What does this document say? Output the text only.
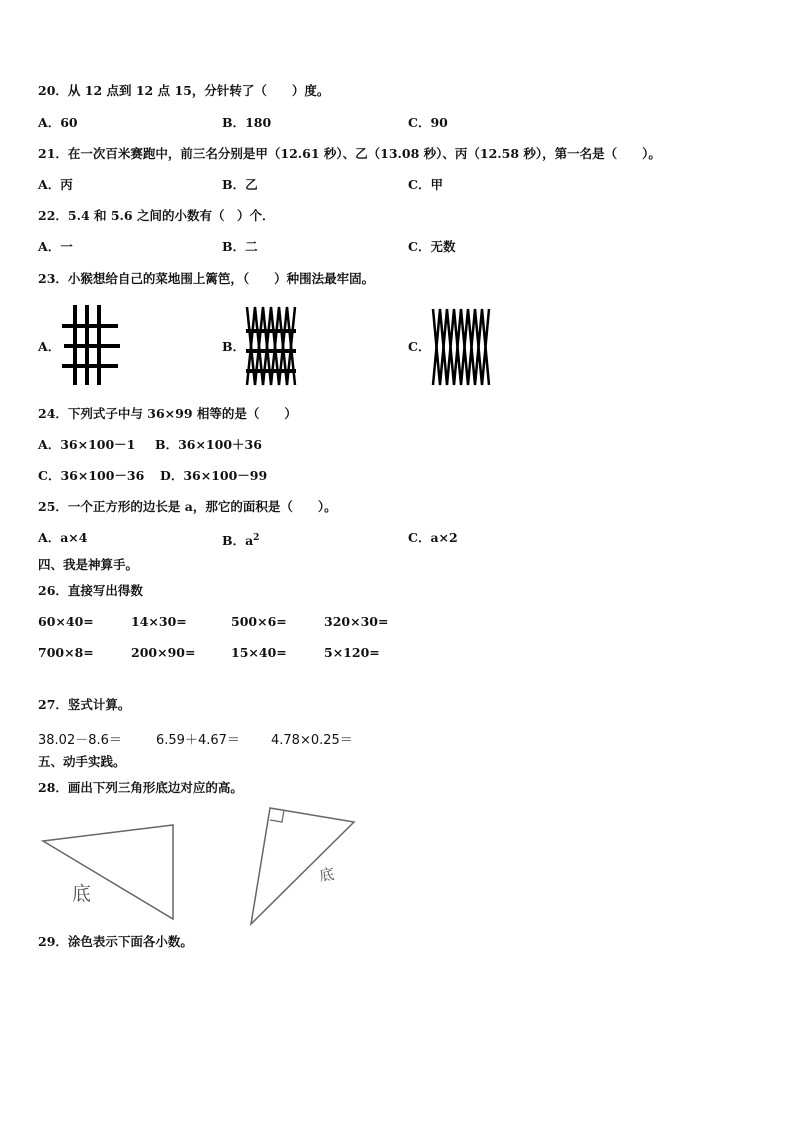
20．从 12 点到 12 点 15，分针转了（　　）度。
A．60	B．180	C．90
21．在一次百米赛跑中，前三名分别是甲（12.61 秒）、乙（13.08 秒）、丙（12.58 秒），第一名是（　　）。
A．丙	B．乙	C．甲
22．5.4 和 5.6 之间的小数有（　）个．
A．一	B．二	C．无数
23．小猴想给自己的菜地围上篱笆，（　　）种围法最牢固。
A．	B．	C．
24．下列式子中与 36×99 相等的是（　　）
A．36×100－1 B．36×100＋36
C．36×100－36 D．36×100－99
25．一个正方形的边长是 a，那它的面积是（　　）。
A．a×4	B．$a^2$	C．a×2
四、我是神算手。
26．直接写出得数
60×40=	14×30=	500×6=	320×30=
700×8=	200×90=	15×40=	5×120=
27．竖式计算。
38.02－8.6＝	6.59＋4.67＝ 4.78×0.25＝
五、动手实践。
28．画出下列三角形底边对应的高。
底
底
29．涂色表示下面各小数。
